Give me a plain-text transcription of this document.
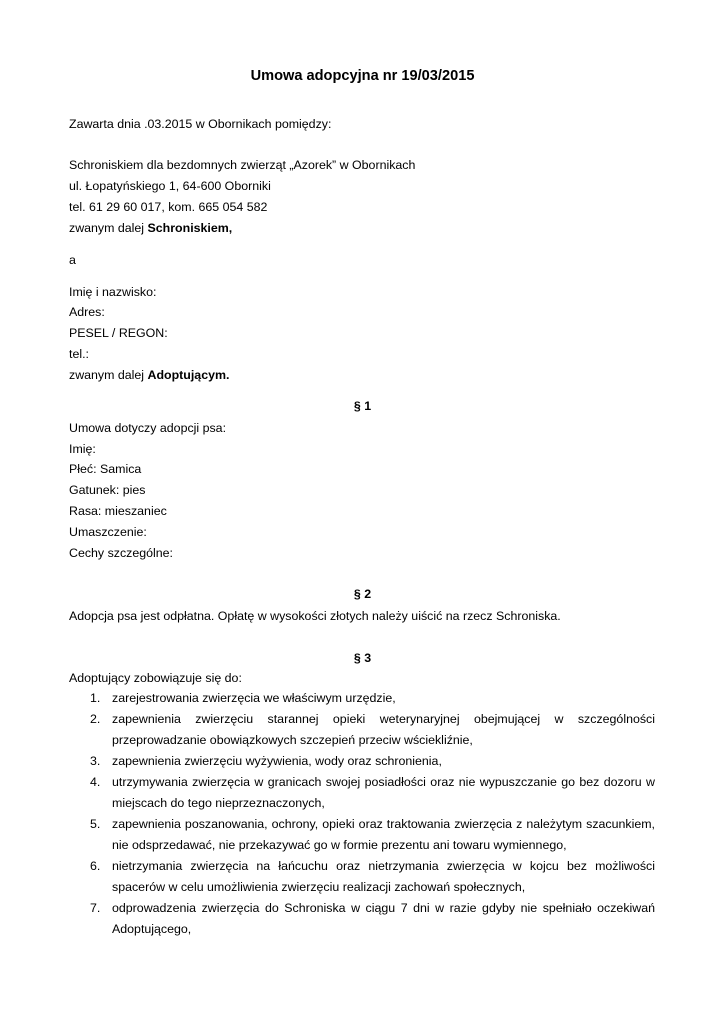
Umowa adopcyjna nr 19/03/2015
Zawarta dnia .03.2015 w Obornikach pomiędzy:
Schroniskiem dla bezdomnych zwierząt „Azorek” w Obornikach
ul. Łopatyńskiego 1, 64-600 Oborniki
tel. 61 29 60 017, kom. 665 054 582
zwanym dalej Schroniskiem,
a
Imię i nazwisko:
Adres:
PESEL / REGON:
tel.:
zwanym dalej Adoptującym.
§ 1
Umowa dotyczy adopcji psa:
Imię:
Płeć: Samica
Gatunek: pies
Rasa: mieszaniec
Umaszczenie:
Cechy szczególne:
§ 2
Adopcja psa jest odpłatna. Opłatę w wysokości złotych należy uiścić na rzecz Schroniska.
§ 3
Adoptujący zobowiązuje się do:
1. zarejestrowania zwierzęcia we właściwym urzędzie,
2. zapewnienia zwierzęciu starannej opieki weterynaryjnej obejmującej w szczególności przeprowadzanie obowiązkowych szczepień przeciw wściekliźnie,
3. zapewnienia zwierzęciu wyżywienia, wody oraz schronienia,
4. utrzymywania zwierzęcia w granicach swojej posiadłości oraz nie wypuszczanie go bez dozoru w miejscach do tego nieprzeznaczonych,
5. zapewnienia poszanowania, ochrony, opieki oraz traktowania zwierzęcia z należytym szacunkiem, nie odsprzedawać, nie przekazywać go w formie prezentu ani towaru wymiennego,
6. nietrzymania zwierzęcia na łańcuchu oraz nietrzymania zwierzęcia w kojcu bez możliwości spacerów w celu umożliwienia zwierzęciu realizacji zachowań społecznych,
7. odprowadzenia zwierzęcia do Schroniska w ciągu 7 dni w razie gdyby nie spełniało oczekiwań Adoptującego,
